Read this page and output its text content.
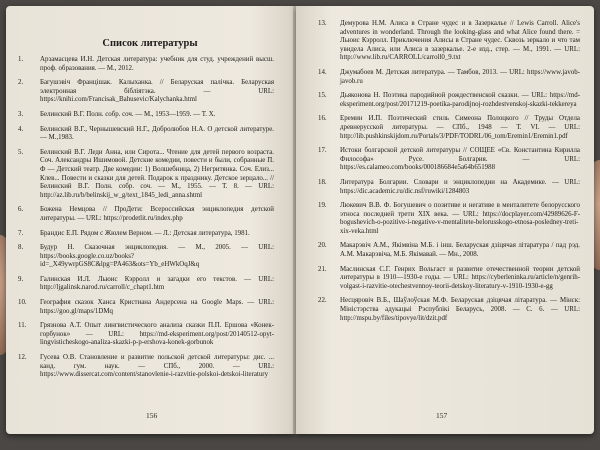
Список литературы
1.	Арзамасцева И.Н. Детская литература: учебник для студ. учреждений высш. проф. образования. — М., 2012.
2.	Багушэвіч Францішак. Калыханка. // Беларуская палічка. Беларуская электронная бібліятэка. — URL: https://knihi.com/Francisak_Bahusevic/Kalychanka.html
3.	Белинский В.Г. Полн. собр. соч. — М., 1953—1959. — Т. X.
4.	Белинский В.Г., Чернышевский Н.Г., Добролюбов Н.А. О детской литературе. — М.,1983.
5.	Белинский В.Г. Леди Анна, или Сирота... Чтение для детей первого возраста. Соч. Александры Ишимовой. Детские комедии, повести и были, собранные П. Ф — Детский театр. Две комедии: 1) Волшебница, 2) Негритянка. Соч. Елиз... Клев... Повести и сказки для детей. Подарок к празднику. Детское зерцало... // Белинский В.Г. Полн. собр. соч. — М., 1955. — Т. 8. — URL: http://az.lib.ru/b/belinskij_w_g/text_1845_ledi_anna.shtml
6.	Божена Немцова // ПроДети: Всероссийская энциклопедия детской литературы. — URL: https://prodetlit.ru/index.php
7.	Брандис Е.П. Рядом с Жюлем Верном. — Л.: Детская литература, 1981.
8.	Будур Н. Сказочная энциклопедия. — М., 2005. — URL: https://books.google.co.uz/books?id=_X49ywrpGS8C&lpg=PA463&ots=Yb_eHWkOqJ&q
9.	Галинская И.Л. Льюис Кэрролл и загадки его текстов. — URL: http://ljgalinsk.narod.ru/carroll/c_chapt1.htm
10.	География сказок Ханса Кристиана Андерсена на Google Maps. — URL: https://goo.gl/maps/1DMq
11.	Грязнова А.Т. Опыт лингвистического анализа сказки П.П. Ершова «Конек-горбунок» — URL: https://md-eksperiment.org/post/20140512-opyt-lingvisticheskogo-analiza-skazki-p-p-ershova-konek-gorbunok
12.	Гусева О.В. Становление и развитие польской детской литературы: дис. ... канд. гум. наук. — СПб., 2000. — URL: https://www.dissercat.com/content/stanovlenie-i-razvitie-polskoi-detskoi-literatury
156
13.	Демурова Н.М. Алиса в Стране чудес и в Зазеркалье // Lewis Carroll. Alice's adventures in wonderland. Through the looking-glass and what Alice found there. = Льюис Кэрролл. Приключения Алисы в Стране чудес. Сквозь зеркало и что там увидела Алиса, или Алиса в зазеркалье. 2-е изд., стер. — М., 1991. — URL: http://www.lib.ru/CARROLL/carroll0_9.txt
14.	Джумабоев М. Детская литература. — Тамбов, 2013. — URL: https://www.javob-javob.ru
15.	Дьяконова Н. Поэтика пародийной рождественской сказки. — URL: https://md-eksperiment.org/post/20171219-poetika-parodijnoj-rozhdestvenskoj-skazki-tekkereya
16.	Еремин И.П. Поэтический стиль Симеона Полоцкого // Труды Отдела древнерусской литературы. — СПб., 1948 — Т. VI. — URL: http://lib.pushkinskijdom.ru/Portals/3/PDF/TODRL/06_tom/Eremin1/Eremin1.pdf
17.	Истоки болгарской детской литературы // СОЩЕЕ «Св. Константина Кирилла Философа» Русе. Болгария. — URL: https://es.calameo.com/books/000186684e5a64b651988
18.	Литература Болгарии. Словари и энциклопедии на Академике. — URL: https://dic.academic.ru/dic.nsf/ruwiki/1284803
19.	Люкевич В.В. Ф. Богушевич о позитиве и негативе в менталитете белорусского этноса последней трети XIX века. — URL: https://docplayer.com/42989626-F-bogushevich-o-pozitive-i-negative-v-mentalitete-belorusskogo-etnosa-posledney-treti-xix-veka.html
20.	Макарэвіч А.М., Якімвіна М.Б. і інш. Беларуская дзіцячая літаратура / пад рэд. А.М. Макарэвіча, М.Б. Якімавай. — Мн., 2008.
21.	Маслинская С.Г. Генрих Вольгаст и развитие отечественной теории детской литературы в 1910—1930-е годы. — URL: https://cyberleninka.ru/article/n/genrih-volgast-i-razvitie-otechestvennoy-teorii-detskoy-literatury-v-1910-1930-e-gg
22.	Несцяровіч В.Б., Шаўлоўская М.Ф. Беларуская дзіцячая літаратура. — Мінск: Міністэрства адукацыі Рэспублікі Беларусь, 2008. — С. 6. — URL: http://mspu.by/files/tipovye/lit/dzit.pdf
157
